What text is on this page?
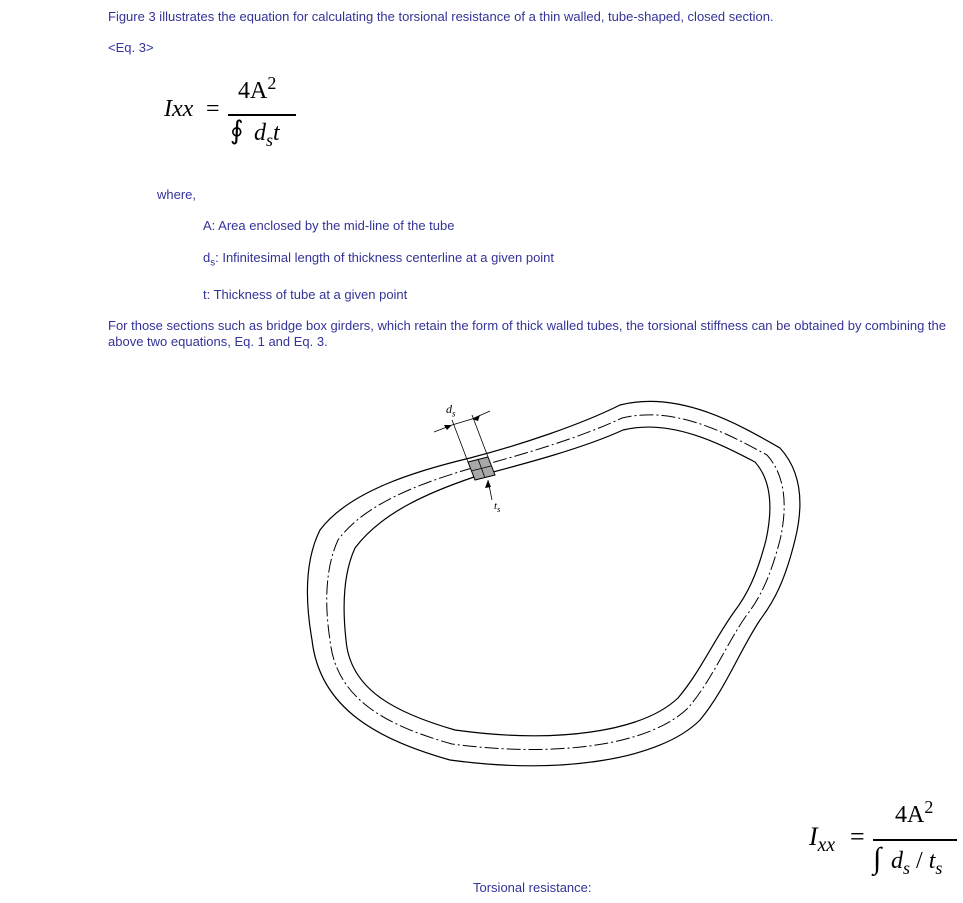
Figure 3 illustrates the equation for calculating the torsional resistance of a thin walled, tube-shaped, closed section.
<Eq. 3>
Ixx =
$4A^2$
∮ $d_st$
where,
A: Area enclosed by the mid-line of the tube
$d_s$: Infinitesimal length of thickness centerline at a given point
t: Thickness of tube at a given point
For those sections such as bridge box girders, which retain the form of thick walled tubes, the torsional stiffness can be obtained by combining the above two equations, Eq. 1 and Eq. 3.
$d_s$
$t_s$
$I_{xx}$ =
$4A^2$
∫ $d_s / t_s$
Torsional resistance:
